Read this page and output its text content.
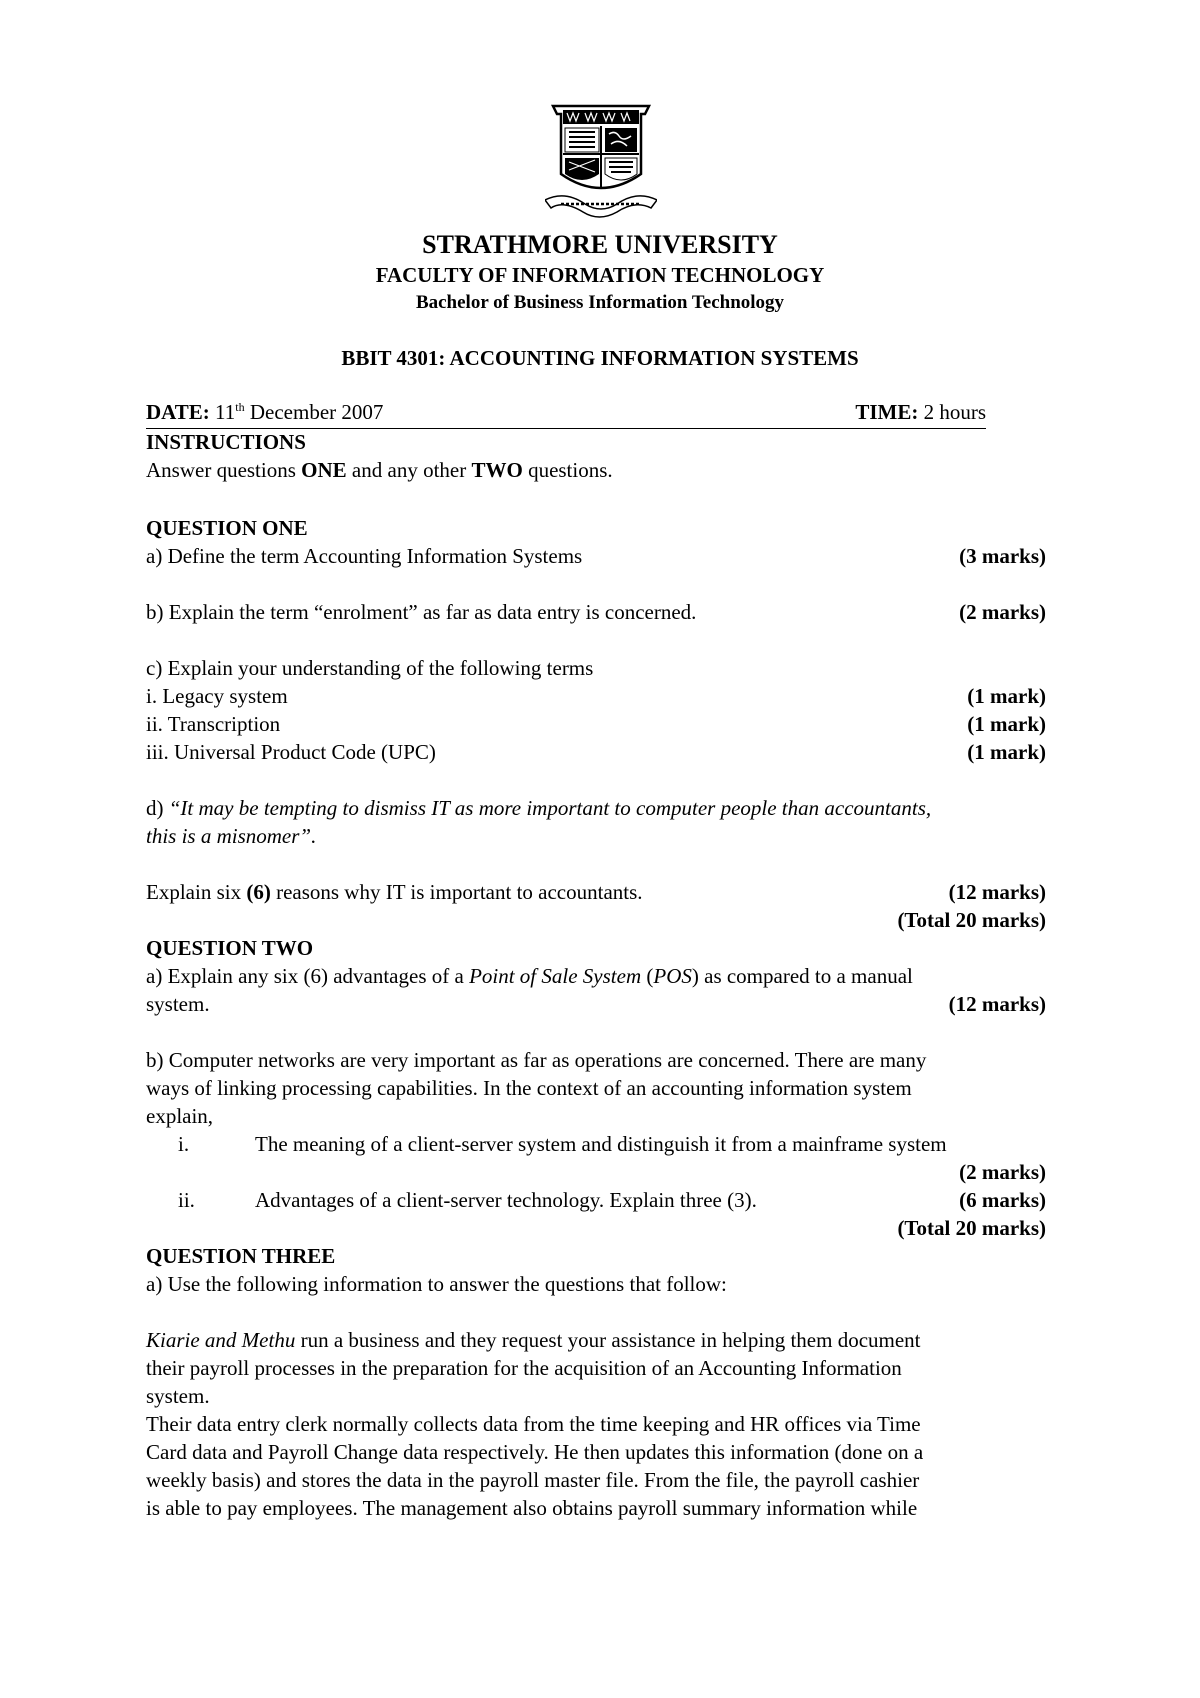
STRATHMORE UNIVERSITY
FACULTY OF INFORMATION TECHNOLOGY
Bachelor of Business Information Technology
BBIT 4301: ACCOUNTING INFORMATION SYSTEMS
DATE: 11th December 2007	TIME: 2 hours
INSTRUCTIONS
Answer questions ONE and any other TWO questions.
QUESTION ONE
a) Define the term Accounting Information Systems	(3 marks)
b) Explain the term “enrolment” as far as data entry is concerned.	(2 marks)
c) Explain your understanding of the following terms
i. Legacy system	(1 mark)
ii. Transcription	(1 mark)
iii. Universal Product Code (UPC)	(1 mark)
d) “It may be tempting to dismiss IT as more important to computer people than accountants,
this is a misnomer”.
Explain six (6) reasons why IT is important to accountants.	(12 marks)
(Total 20 marks)
QUESTION TWO
a) Explain any six (6) advantages of a Point of Sale System (POS) as compared to a manual
system.	(12 marks)
b) Computer networks are very important as far as operations are concerned. There are many
ways of linking processing capabilities. In the context of an accounting information system
explain,
i.	The meaning of a client-server system and distinguish it from a mainframe system
(2 marks)
ii.	Advantages of a client-server technology. Explain three (3).	(6 marks)
(Total 20 marks)
QUESTION THREE
a) Use the following information to answer the questions that follow:
Kiarie and Methu run a business and they request your assistance in helping them document
their payroll processes in the preparation for the acquisition of an Accounting Information
system.
Their data entry clerk normally collects data from the time keeping and HR offices via Time
Card data and Payroll Change data respectively. He then updates this information (done on a
weekly basis) and stores the data in the payroll master file. From the file, the payroll cashier
is able to pay employees. The management also obtains payroll summary information while
